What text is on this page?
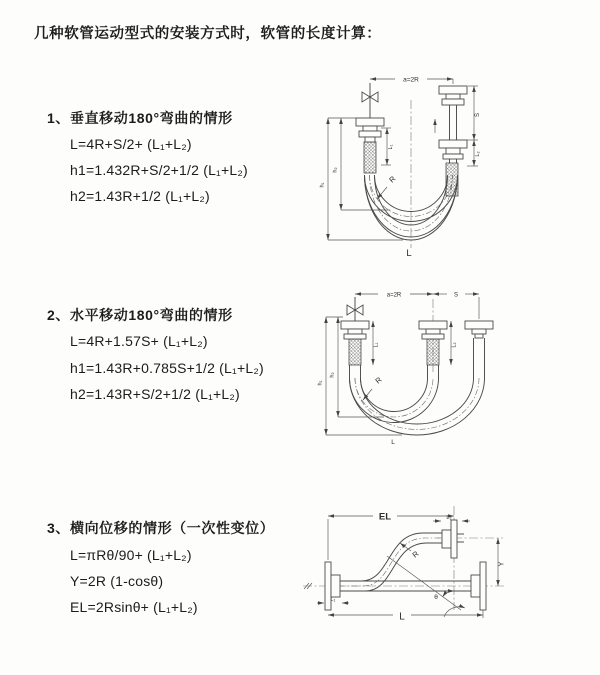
几种软管运动型式的安装方式时，软管的长度计算：
1、垂直移动180°弯曲的情形
L=4R+S/2+ (L₁+L₂)
h1=1.432R+S/2+1/2 (L₁+L₂)
h2=1.43R+1/2 (L₁+L₂)
2、水平移动180°弯曲的情形
L=4R+1.57S+ (L₁+L₂)
h1=1.43R+0.785S+1/2 (L₁+L₂)
h2=1.43R+S/2+1/2 (L₁+L₂)
3、横向位移的情形（一次性变位）
L=πRθ/90+ (L₁+L₂)
Y=2R (1-cosθ)
EL=2Rsinθ+ (L₁+L₂)
a=2R
S
L₂
L₁
h₂
h₁
R
L
a=2R	S
h₁
h₂
L₁	L₂
R
L
θ
EL	L₂
Y
L₁
L
R
